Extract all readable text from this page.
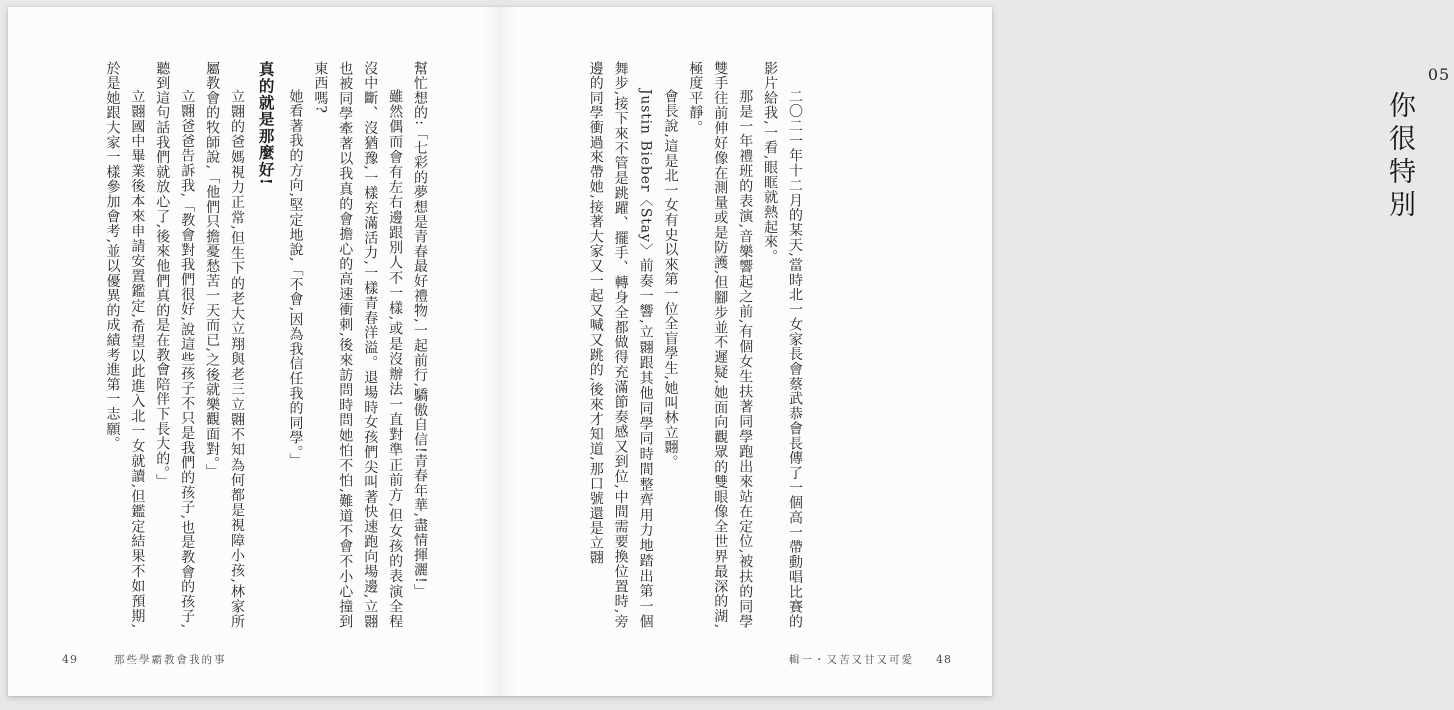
05
你很特別

二〇二一年十二月的某天,當時北一女家長會蔡武恭會長傳了一個高一帶動唱比賽的影片給我,一看,眼眶就熱起來。

那是一年禮班的表演,音樂響起之前,有個女生扶著同學跑出來站在定位,被扶的同學雙手往前伸好像在測量或是防護,但腳步並不遲疑,她面向觀眾的雙眼像全世界最深的湖,極度平靜。

會長說,這是北一女有史以來第一位全盲學生,她叫林立翾。

Justin Bieber〈Stay〉前奏一響,立翾跟其他同學同時間整齊用力地踏出第一個舞步,接下來不管是跳躍、擺手、轉身全都做得充滿節奏感又到位,中間需要換位置時,旁邊的同學衝過來帶她,接著大家又一起又喊又跳的,後來才知道,那口號還是立翾

輯一・又苦又甘又可愛 48

幫忙想的:「七彩的夢想是青春最好禮物,一起前行,驕傲自信!青春年華,盡情揮灑!」

雖然偶而會有左右邊跟別人不一樣,或是沒辦法一直對準正前方,但女孩的表演全程沒中斷、沒猶豫,一樣充滿活力,一樣青春洋溢。退場時女孩們尖叫著快速跑向場邊,立翾也被同學牽著以我真的會擔心的高速衝刺,後來訪問時問她怕不怕,難道不會不小心撞到東西嗎?

她看著我的方向,堅定地說,「不會,因為我信任我的同學。」

真的就是那麼好!

立翾的爸媽視力正常,但生下的老大立翔與老三立翾不知為何都是視障小孩,林家所屬教會的牧師說,「他們只擔憂愁苦一天而已,之後就樂觀面對。」

立翾爸爸告訴我,「教會對我們很好,說這些孩子不只是我們的孩子,也是教會的孩子,聽到這句話我們就放心了,後來他們真的是在教會陪伴下長大的。」

立翾國中畢業後本來申請安置鑑定,希望以此進入北一女就讀,但鑑定結果不如預期,於是她跟大家一樣參加會考,並以優異的成績考進第一志願。

49	那些學霸教會我的事
